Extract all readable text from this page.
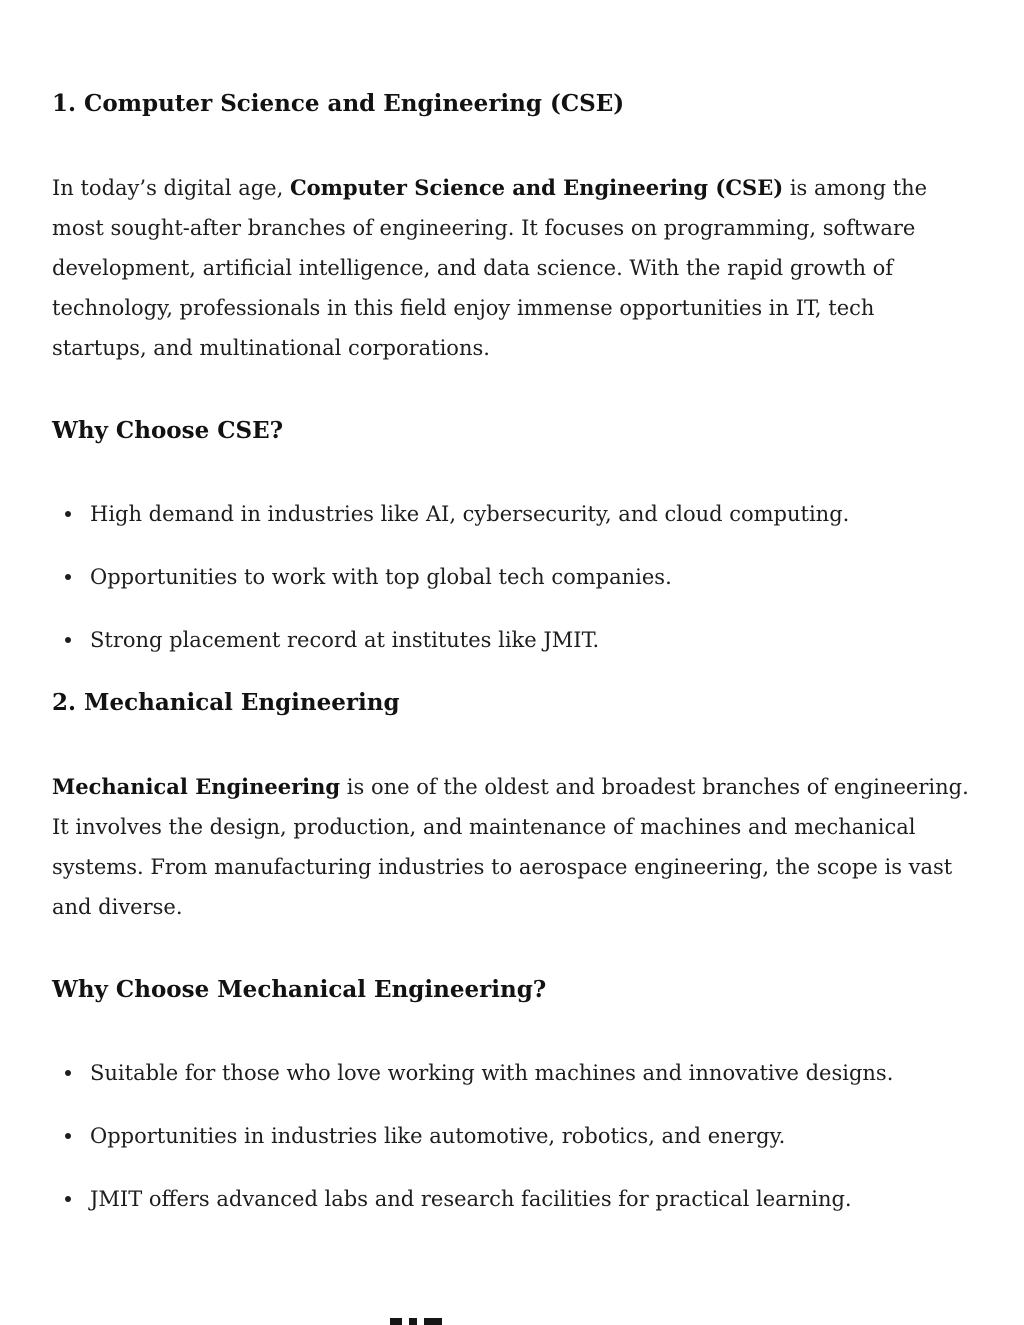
1. Computer Science and Engineering (CSE)

In today’s digital age, Computer Science and Engineering (CSE) is among the most sought-after branches of engineering. It focuses on programming, software development, artificial intelligence, and data science. With the rapid growth of technology, professionals in this field enjoy immense opportunities in IT, tech startups, and multinational corporations.

Why Choose CSE?
High demand in industries like AI, cybersecurity, and cloud computing.
Opportunities to work with top global tech companies.
Strong placement record at institutes like JMIT.
2. Mechanical Engineering

Mechanical Engineering is one of the oldest and broadest branches of engineering. It involves the design, production, and maintenance of machines and mechanical systems. From manufacturing industries to aerospace engineering, the scope is vast and diverse.

Why Choose Mechanical Engineering?
Suitable for those who love working with machines and innovative designs.
Opportunities in industries like automotive, robotics, and energy.
JMIT offers advanced labs and research facilities for practical learning.
